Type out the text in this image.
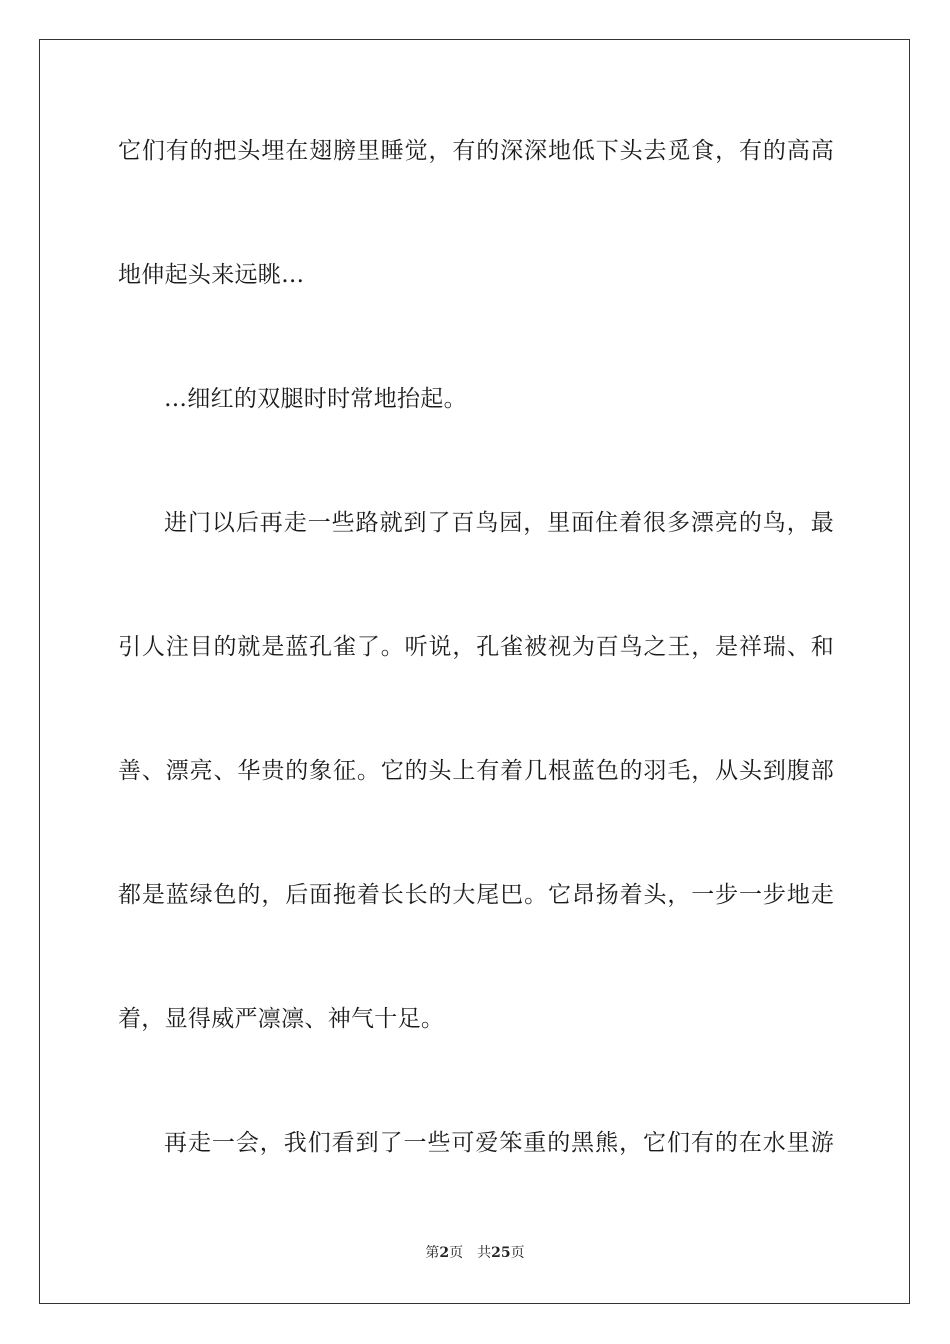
它们有的把头埋在翅膀里睡觉，有的深深地低下头去觅食，有的高高
地伸起头来远眺…
…细红的双腿时时常地抬起。
进门以后再走一些路就到了百鸟园，里面住着很多漂亮的鸟，最
引人注目的就是蓝孔雀了。听说，孔雀被视为百鸟之王，是祥瑞、和
善、漂亮、华贵的象征。它的头上有着几根蓝色的羽毛，从头到腹部
都是蓝绿色的，后面拖着长长的大尾巴。它昂扬着头，一步一步地走
着，显得威严凛凛、神气十足。
再走一会，我们看到了一些可爱笨重的黑熊，它们有的在水里游
第2页 共25页
